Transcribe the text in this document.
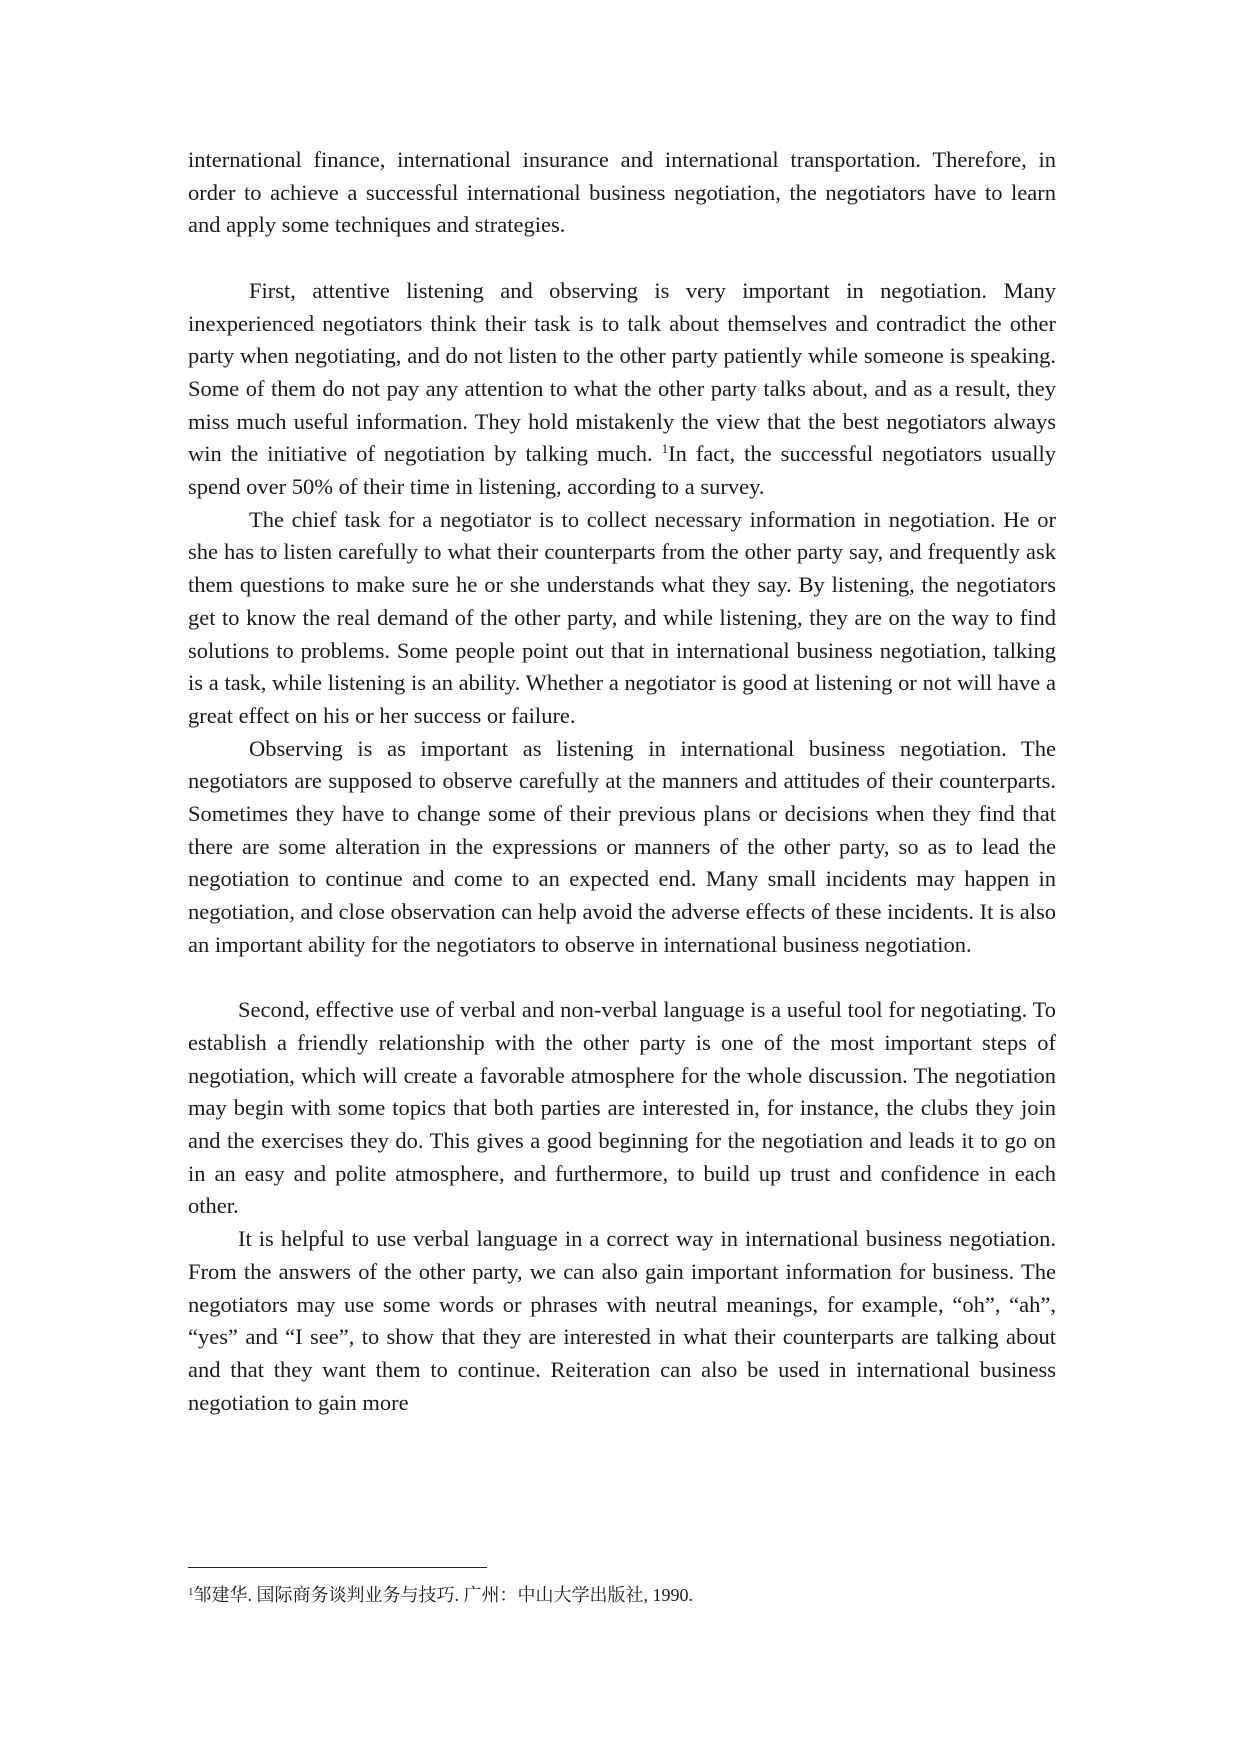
international finance, international insurance and international transportation. Therefore, in order to achieve a successful international business negotiation, the negotiators have to learn and apply some techniques and strategies.

First, attentive listening and observing is very important in negotiation. Many inexperienced negotiators think their task is to talk about themselves and contradict the other party when negotiating, and do not listen to the other party patiently while someone is speaking. Some of them do not pay any attention to what the other party talks about, and as a result, they miss much useful information. They hold mistakenly the view that the best negotiators always win the initiative of negotiation by talking much. $^1$In fact, the successful negotiators usually spend over 50% of their time in listening, according to a survey.

The chief task for a negotiator is to collect necessary information in negotiation. He or she has to listen carefully to what their counterparts from the other party say, and frequently ask them questions to make sure he or she understands what they say. By listening, the negotiators get to know the real demand of the other party, and while listening, they are on the way to find solutions to problems. Some people point out that in international business negotiation, talking is a task, while listening is an ability. Whether a negotiator is good at listening or not will have a great effect on his or her success or failure.

Observing is as important as listening in international business negotiation. The negotiators are supposed to observe carefully at the manners and attitudes of their counterparts. Sometimes they have to change some of their previous plans or decisions when they find that there are some alteration in the expressions or manners of the other party, so as to lead the negotiation to continue and come to an expected end. Many small incidents may happen in negotiation, and close observation can help avoid the adverse effects of these incidents. It is also an important ability for the negotiators to observe in international business negotiation.

Second, effective use of verbal and non-verbal language is a useful tool for negotiating. To establish a friendly relationship with the other party is one of the most important steps of negotiation, which will create a favorable atmosphere for the whole discussion. The negotiation may begin with some topics that both parties are interested in, for instance, the clubs they join and the exercises they do. This gives a good beginning for the negotiation and leads it to go on in an easy and polite atmosphere, and furthermore, to build up trust and confidence in each other.

It is helpful to use verbal language in a correct way in international business negotiation. From the answers of the other party, we can also gain important information for business. The negotiators may use some words or phrases with neutral meanings, for example, “oh”, “ah”, “yes” and “I see”, to show that they are interested in what their counterparts are talking about and that they want them to continue. Reiteration can also be used in international business negotiation to gain more

$^1$邹建华. 国际商务谈判业务与技巧. 广州：中山大学出版社, 1990.
